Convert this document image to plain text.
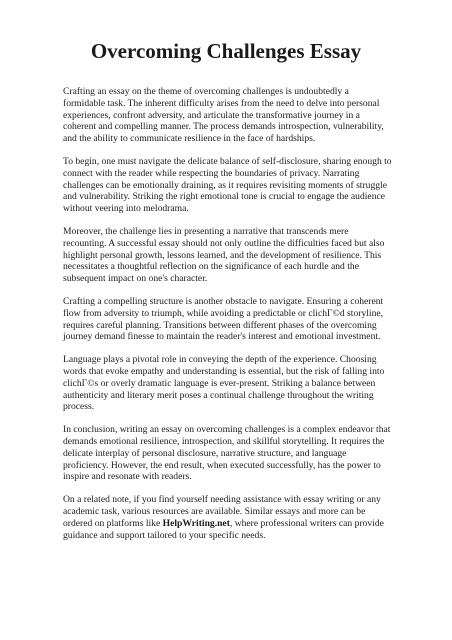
Overcoming Challenges Essay

Crafting an essay on the theme of overcoming challenges is undoubtedly a formidable task. The inherent difficulty arises from the need to delve into personal experiences, confront adversity, and articulate the transformative journey in a coherent and compelling manner. The process demands introspection, vulnerability, and the ability to communicate resilience in the face of hardships.

To begin, one must navigate the delicate balance of self-disclosure, sharing enough to connect with the reader while respecting the boundaries of privacy. Narrating challenges can be emotionally draining, as it requires revisiting moments of struggle and vulnerability. Striking the right emotional tone is crucial to engage the audience without veering into melodrama.

Moreover, the challenge lies in presenting a narrative that transcends mere recounting. A successful essay should not only outline the difficulties faced but also highlight personal growth, lessons learned, and the development of resilience. This necessitates a thoughtful reflection on the significance of each hurdle and the subsequent impact on one's character.

Crafting a compelling structure is another obstacle to navigate. Ensuring a coherent flow from adversity to triumph, while avoiding a predictable or clichГ©d storyline, requires careful planning. Transitions between different phases of the overcoming journey demand finesse to maintain the reader's interest and emotional investment.

Language plays a pivotal role in conveying the depth of the experience. Choosing words that evoke empathy and understanding is essential, but the risk of falling into clichГ©s or overly dramatic language is ever-present. Striking a balance between authenticity and literary merit poses a continual challenge throughout the writing process.

In conclusion, writing an essay on overcoming challenges is a complex endeavor that demands emotional resilience, introspection, and skillful storytelling. It requires the delicate interplay of personal disclosure, narrative structure, and language proficiency. However, the end result, when executed successfully, has the power to inspire and resonate with readers.

On a related note, if you find yourself needing assistance with essay writing or any academic task, various resources are available. Similar essays and more can be ordered on platforms like HelpWriting.net, where professional writers can provide guidance and support tailored to your specific needs.
